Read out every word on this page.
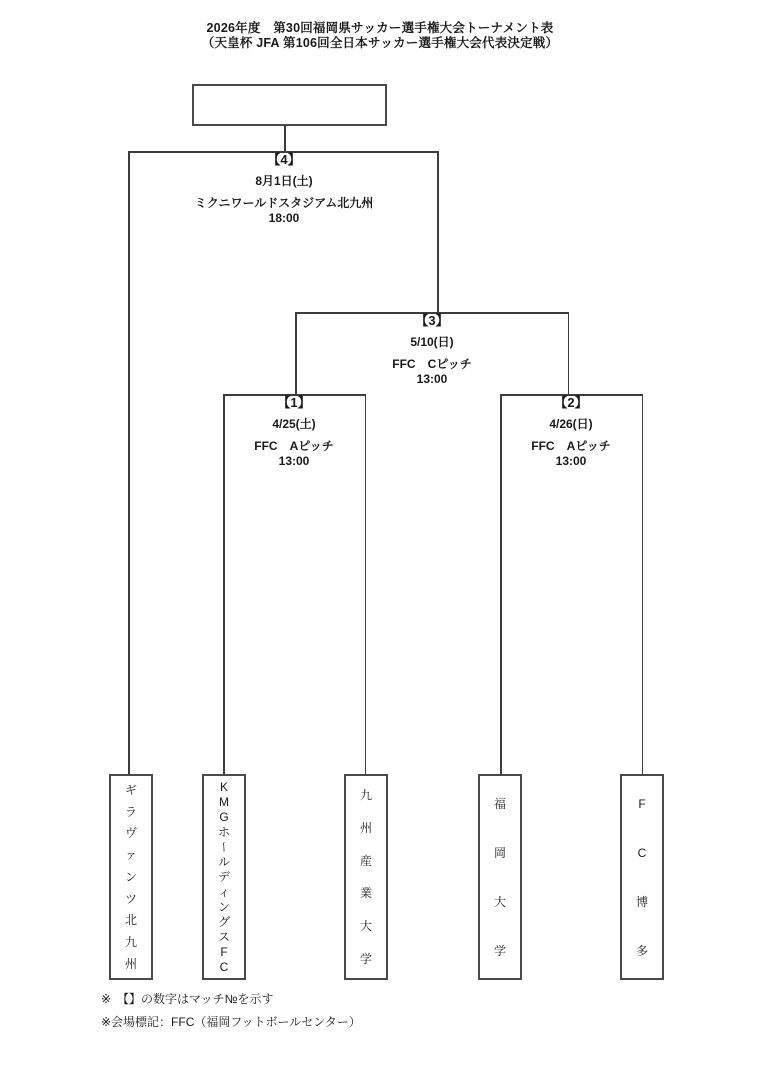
2026年度　第30回福岡県サッカー選手権大会トーナメント表
（天皇杯 JFA 第106回全日本サッカー選手権大会代表決定戦）
【4】
8月1日(土)
ミクニワールドスタジアム北九州
18:00
【3】
5/10(日)
FFC　Cピッチ
13:00
【1】
4/25(土)
FFC　Aピッチ
13:00
【2】
4/26(日)
FFC　Aピッチ
13:00
ギ
ラ
ヴ
ァ
ン
ツ
北
九
州
K
M
G
ホ
ー
ル
デ
ィ
ン
グ
ス
F
C
九
州
産
業
大
学
福
岡
大
学
F
C
博
多
※　【】の数字はマッチ№を示す
※会場標記：FFC（福岡フットボールセンター）
